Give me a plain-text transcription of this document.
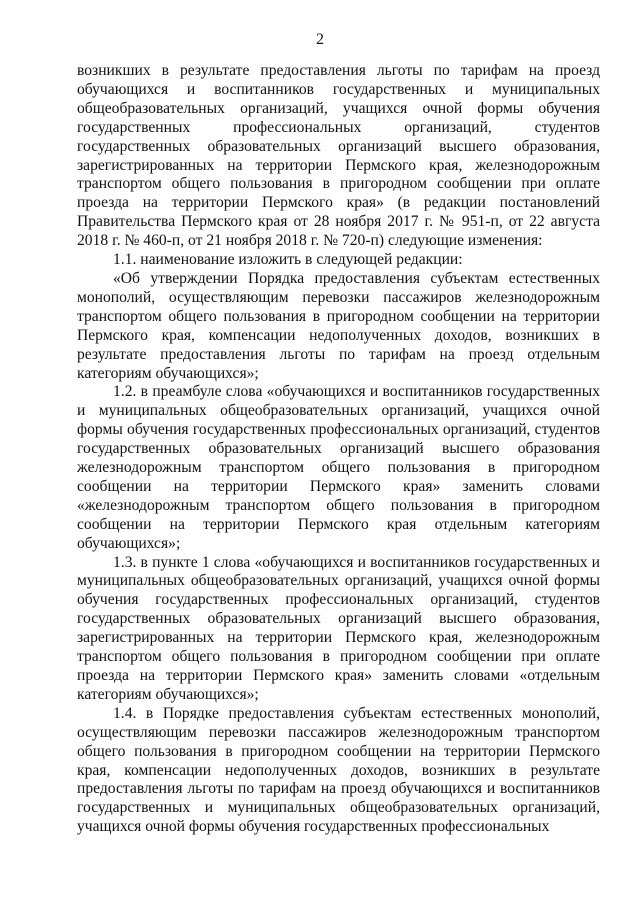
2

возникших в результате предоставления льготы по тарифам на проезд обучающихся и воспитанников государственных и муниципальных общеобразовательных организаций, учащихся очной формы обучения государственных профессиональных организаций, студентов государственных образовательных организаций высшего образования, зарегистрированных на территории Пермского края, железнодорожным транспортом общего пользования в пригородном сообщении при оплате проезда на территории Пермского края» (в редакции постановлений Правительства Пермского края от 28 ноября 2017 г. № 951-п, от 22 августа 2018 г. № 460-п, от 21 ноября 2018 г. № 720-п) следующие изменения:

1.1. наименование изложить в следующей редакции:

«Об утверждении Порядка предоставления субъектам естественных монополий, осуществляющим перевозки пассажиров железнодорожным транспортом общего пользования в пригородном сообщении на территории Пермского края, компенсации недополученных доходов, возникших в результате предоставления льготы по тарифам на проезд отдельным категориям обучающихся»;

1.2. в преамбуле слова «обучающихся и воспитанников государственных и муниципальных общеобразовательных организаций, учащихся очной формы обучения государственных профессиональных организаций, студентов государственных образовательных организаций высшего образования железнодорожным транспортом общего пользования в пригородном сообщении на территории Пермского края» заменить словами «железнодорожным транспортом общего пользования в пригородном сообщении на территории Пермского края отдельным категориям обучающихся»;

1.3. в пункте 1 слова «обучающихся и воспитанников государственных и муниципальных общеобразовательных организаций, учащихся очной формы обучения государственных профессиональных организаций, студентов государственных образовательных организаций высшего образования, зарегистрированных на территории Пермского края, железнодорожным транспортом общего пользования в пригородном сообщении при оплате проезда на территории Пермского края» заменить словами «отдельным категориям обучающихся»;

1.4. в Порядке предоставления субъектам естественных монополий, осуществляющим перевозки пассажиров железнодорожным транспортом общего пользования в пригородном сообщении на территории Пермского края, компенсации недополученных доходов, возникших в результате предоставления льготы по тарифам на проезд обучающихся и воспитанников государственных и муниципальных общеобразовательных организаций, учащихся очной формы обучения государственных профессиональных
